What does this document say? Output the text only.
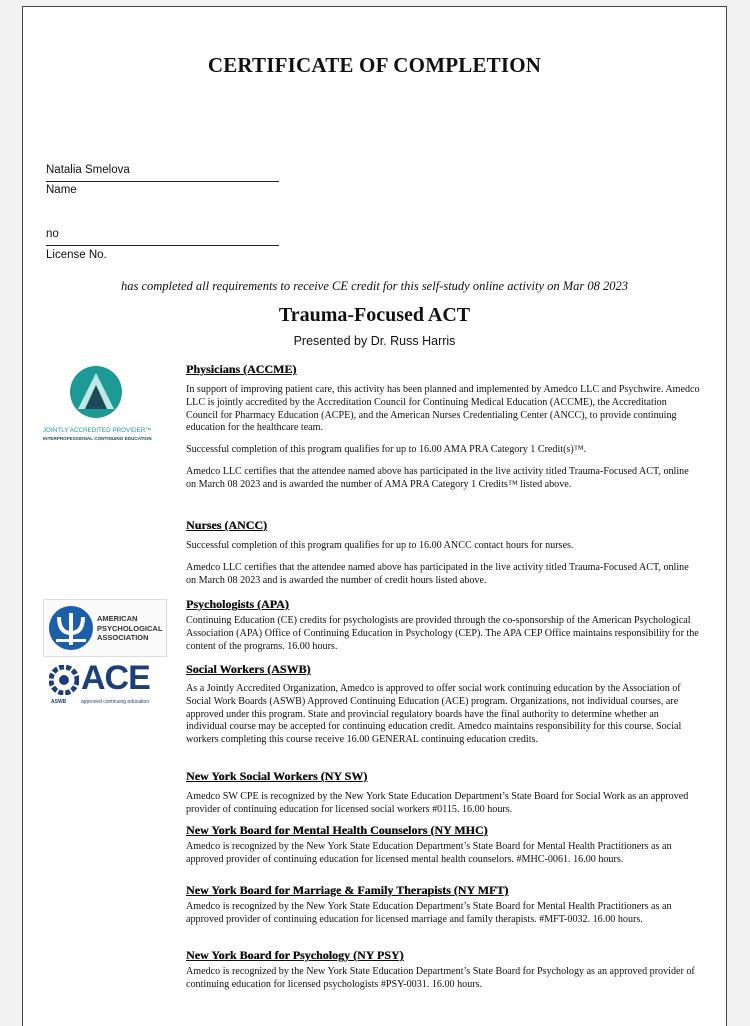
CERTIFICATE OF COMPLETION
Natalia Smelova
Name
no
License No.
has completed all requirements to receive CE credit for this self-study online activity on Mar 08 2023
Trauma-Focused ACT
Presented by Dr. Russ Harris
JOINTLY ACCREDITED PROVIDER™
INTERPROFESSIONAL CONTINUING EDUCATION
AMERICAN
PSYCHOLOGICAL
ASSOCIATION
ACE
ASWB	approved continuing education
Physicians (ACCME)

In support of improving patient care, this activity has been planned and implemented by Amedco LLC and Psychwire. Amedco LLC is jointly accredited by the Accreditation Council for Continuing Medical Education (ACCME), the Accreditation Council for Pharmacy Education (ACPE), and the American Nurses Credentialing Center (ANCC), to provide continuing education for the healthcare team.

Successful completion of this program qualifies for up to 16.00 AMA PRA Category 1 Credit(s)™.

Amedco LLC certifies that the attendee named above has participated in the live activity titled Trauma-Focused ACT, online on March 08 2023 and is awarded the number of AMA PRA Category 1 Credits™ listed above.

Nurses (ANCC)

Successful completion of this program qualifies for up to 16.00 ANCC contact hours for nurses.

Amedco LLC certifies that the attendee named above has participated in the live activity titled Trauma-Focused ACT, online on March 08 2023 and is awarded the number of credit hours listed above.

Psychologists (APA)

Continuing Education (CE) credits for psychologists are provided through the co-sponsorship of the American Psychological Association (APA) Office of Continuing Education in Psychology (CEP). The APA CEP Office maintains responsibility for the content of the programs. 16.00 hours.

Social Workers (ASWB)

As a Jointly Accredited Organization, Amedco is approved to offer social work continuing education by the Association of Social Work Boards (ASWB) Approved Continuing Education (ACE) program. Organizations, not individual courses, are approved under this program. State and provincial regulatory boards have the final authority to determine whether an individual course may be accepted for continuing education credit. Amedco maintains responsibility for this course. Social workers completing this course receive 16.00 GENERAL continuing education credits.

New York Social Workers (NY SW)

Amedco SW CPE is recognized by the New York State Education Department’s State Board for Social Work as an approved provider of continuing education for licensed social workers #0115. 16.00 hours.

New York Board for Mental Health Counselors (NY MHC)

Amedco is recognized by the New York State Education Department’s State Board for Mental Health Practitioners as an approved provider of continuing education for licensed mental health counselors. #MHC-0061. 16.00 hours.

New York Board for Marriage & Family Therapists (NY MFT)

Amedco is recognized by the New York State Education Department’s State Board for Mental Health Practitioners as an approved provider of continuing education for licensed marriage and family therapists. #MFT-0032. 16.00 hours.

New York Board for Psychology (NY PSY)

Amedco is recognized by the New York State Education Department’s State Board for Psychology as an approved provider of continuing education for licensed psychologists #PSY-0031. 16.00 hours.
